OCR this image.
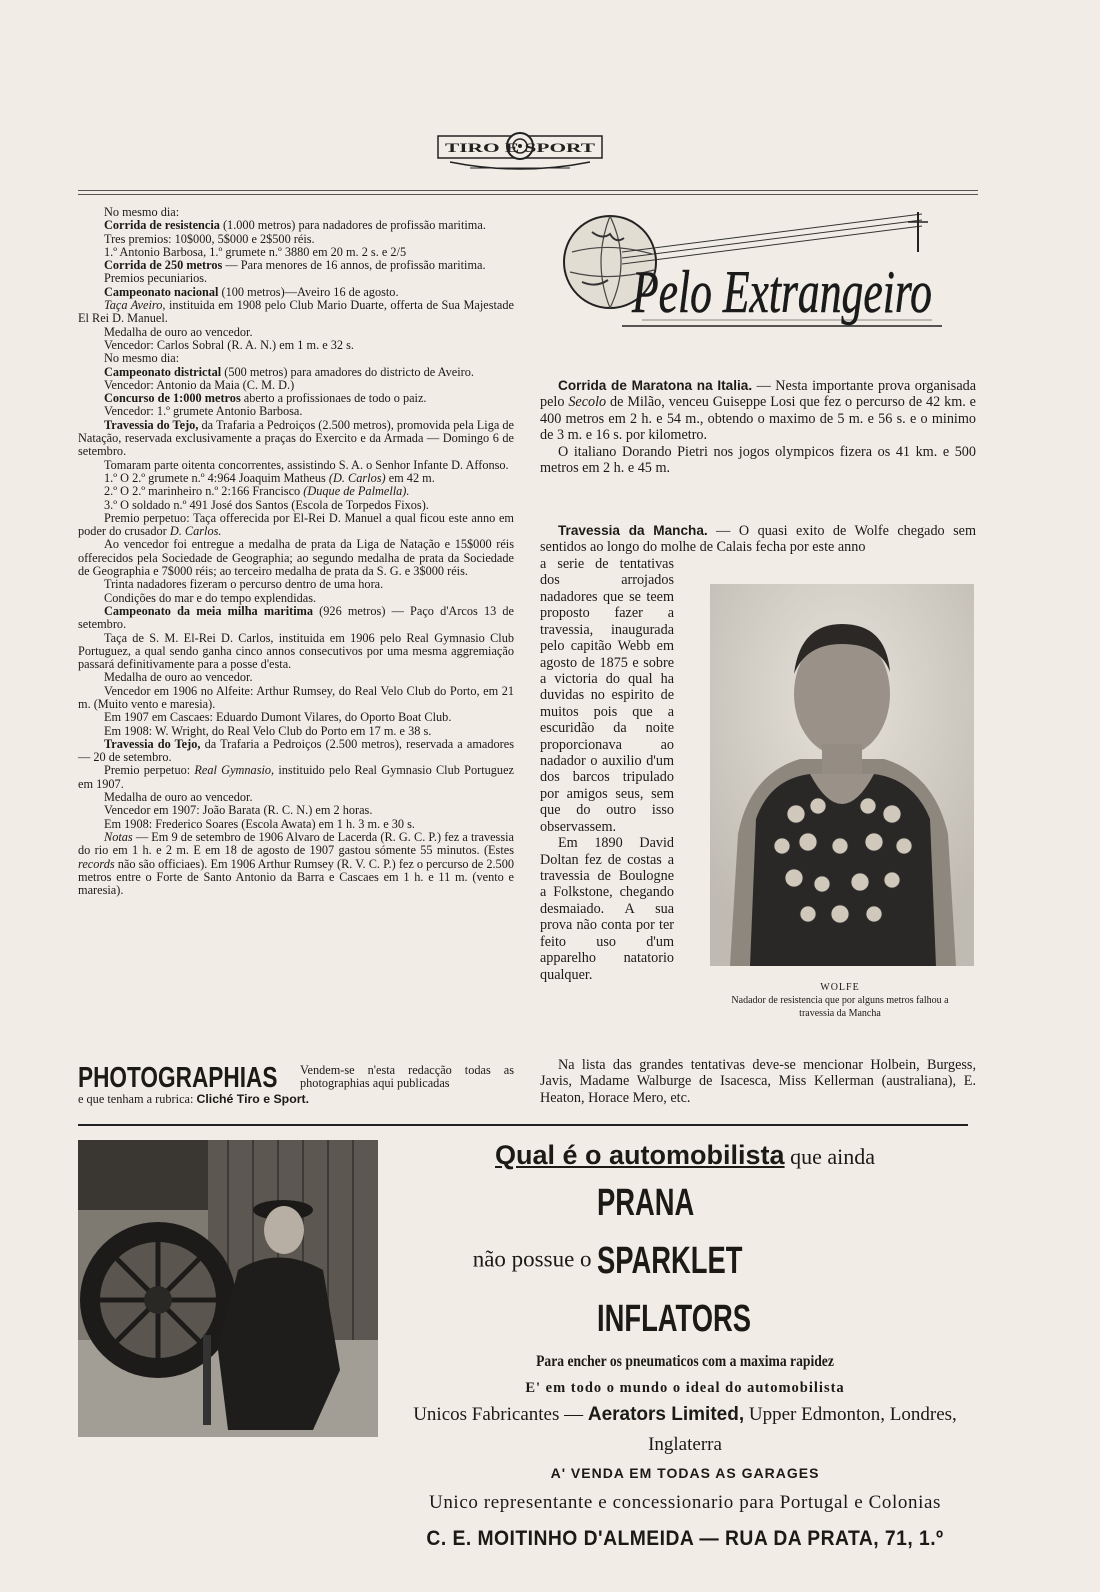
TIRO E SPORT

No mesmo dia:

Corrida de resistencia (1.000 metros) para nadadores de profissão maritima.

Tres premios: 10$000, 5$000 e 2$500 réis.

1.º Antonio Barbosa, 1.º grumete n.º 3880 em 20 m. 2 s. e 2/5

Corrida de 250 metros — Para menores de 16 annos, de profissão maritima.

Premios pecuniarios.

Campeonato nacional (100 metros)—Aveiro 16 de agosto.

Taça Aveiro, instituida em 1908 pelo Club Mario Duarte, offerta de Sua Majestade El Rei D. Manuel.

Medalha de ouro ao vencedor.

Vencedor: Carlos Sobral (R. A. N.) em 1 m. e 32 s.

No mesmo dia:

Campeonato districtal (500 metros) para amadores do districto de Aveiro.

Vencedor: Antonio da Maia (C. M. D.)

Concurso de 1:000 metros aberto a profissionaes de todo o paiz.

Vencedor: 1.º grumete Antonio Barbosa.

Travessia do Tejo, da Trafaria a Pedroiços (2.500 metros), promovida pela Liga de Natação, reservada exclusivamente a praças do Exercito e da Armada — Domingo 6 de setembro.

Tomaram parte oitenta concorrentes, assistindo S. A. o Senhor Infante D. Affonso.

1.º O 2.º grumete n.º 4:964 Joaquim Matheus (D. Carlos) em 42 m.

2.º O 2.º marinheiro n.º 2:166 Francisco (Duque de Palmella).

3.º O soldado n.º 491 José dos Santos (Escola de Torpedos Fixos).

Premio perpetuo: Taça offerecida por El-Rei D. Manuel a qual ficou este anno em poder do crusador D. Carlos.

Ao vencedor foi entregue a medalha de prata da Liga de Natação e 15$000 réis offerecidos pela Sociedade de Geographia; ao segundo medalha de prata da Sociedade de Geographia e 7$000 réis; ao terceiro medalha de prata da S. G. e 3$000 réis.

Trinta nadadores fizeram o percurso dentro de uma hora.

Condições do mar e do tempo explendidas.

Campeonato da meia milha maritima (926 metros) — Paço d'Arcos 13 de setembro.

Taça de S. M. El-Rei D. Carlos, instituida em 1906 pelo Real Gymnasio Club Portuguez, a qual sendo ganha cinco annos consecutivos por uma mesma aggremiação passará definitivamente para a posse d'esta.

Medalha de ouro ao vencedor.

Vencedor em 1906 no Alfeite: Arthur Rumsey, do Real Velo Club do Porto, em 21 m. (Muito vento e maresia).

Em 1907 em Cascaes: Eduardo Dumont Vilares, do Oporto Boat Club.

Em 1908: W. Wright, do Real Velo Club do Porto em 17 m. e 38 s.

Travessia do Tejo, da Trafaria a Pedroiços (2.500 metros), reservada a amadores — 20 de setembro.

Premio perpetuo: Real Gymnasio, instituido pelo Real Gymnasio Club Portuguez em 1907.

Medalha de ouro ao vencedor.

Vencedor em 1907: João Barata (R. C. N.) em 2 horas.

Em 1908: Frederico Soares (Escola Awata) em 1 h. 3 m. e 30 s.

Notas — Em 9 de setembro de 1906 Alvaro de Lacerda (R. G. C. P.) fez a travessia do rio em 1 h. e 2 m. E em 18 de agosto de 1907 gastou sómente 55 minutos. (Estes records não são officiaes). Em 1906 Arthur Rumsey (R. V. C. P.) fez o percurso de 2.500 metros entre o Forte de Santo Antonio da Barra e Cascaes em 1 h. e 11 m. (vento e maresia).

PHOTOGRAPHIAS Vendem-se n'esta redacção todas as photographias aqui publicadas
e que tenham a rubrica: Cliché Tiro e Sport.
Pelo Extrangeiro

Corrida de Maratona na Italia. — Nesta importante prova organisada pelo Secolo de Milão, venceu Guiseppe Losi que fez o percurso de 42 km. e 400 metros em 2 h. e 54 m., obtendo o maximo de 5 m. e 56 s. e o minimo de 3 m. e 16 s. por kilometro.

O italiano Dorando Pietri nos jogos olympicos fizera os 41 km. e 500 metros em 2 h. e 45 m.

Travessia da Mancha. — O quasi exito de Wolfe chegado sem sentidos ao longo do molhe de Calais fecha por este anno

a serie de tentativas dos arrojados nadadores que se teem proposto fazer a travessia, inaugurada pelo capitão Webb em agosto de 1875 e sobre a victoria do qual ha duvidas no espirito de muitos pois que a escuridão da noite proporcionava ao nadador o auxilio d'um dos barcos tripulado por amigos seus, sem que do outro isso observassem.

Em 1890 David Doltan fez de costas a travessia de Boulogne a Folkstone, chegando desmaiado. A sua prova não conta por ter feito uso d'um apparelho natatorio qualquer.

WOLFE
Nadador de resistencia que por alguns metros falhou a travessia da Mancha
Na lista das grandes tentativas deve-se mencionar Holbein, Burgess, Javis, Madame Walburge de Isacesca, Miss Kellerman (australiana), E. Heaton, Horace Mero, etc.
Qual é o automobilista que ainda
não possue o PRANA SPARKLET INFLATORS
Para encher os pneumaticos com a maxima rapidez
E' em todo o mundo o ideal do automobilista
Unicos Fabricantes — Aerators Limited, Upper Edmonton, Londres, Inglaterra
A' VENDA EM TODAS AS GARAGES
Unico representante e concessionario para Portugal e Colonias
C. E. MOITINHO D'ALMEIDA — RUA DA PRATA, 71, 1.º
